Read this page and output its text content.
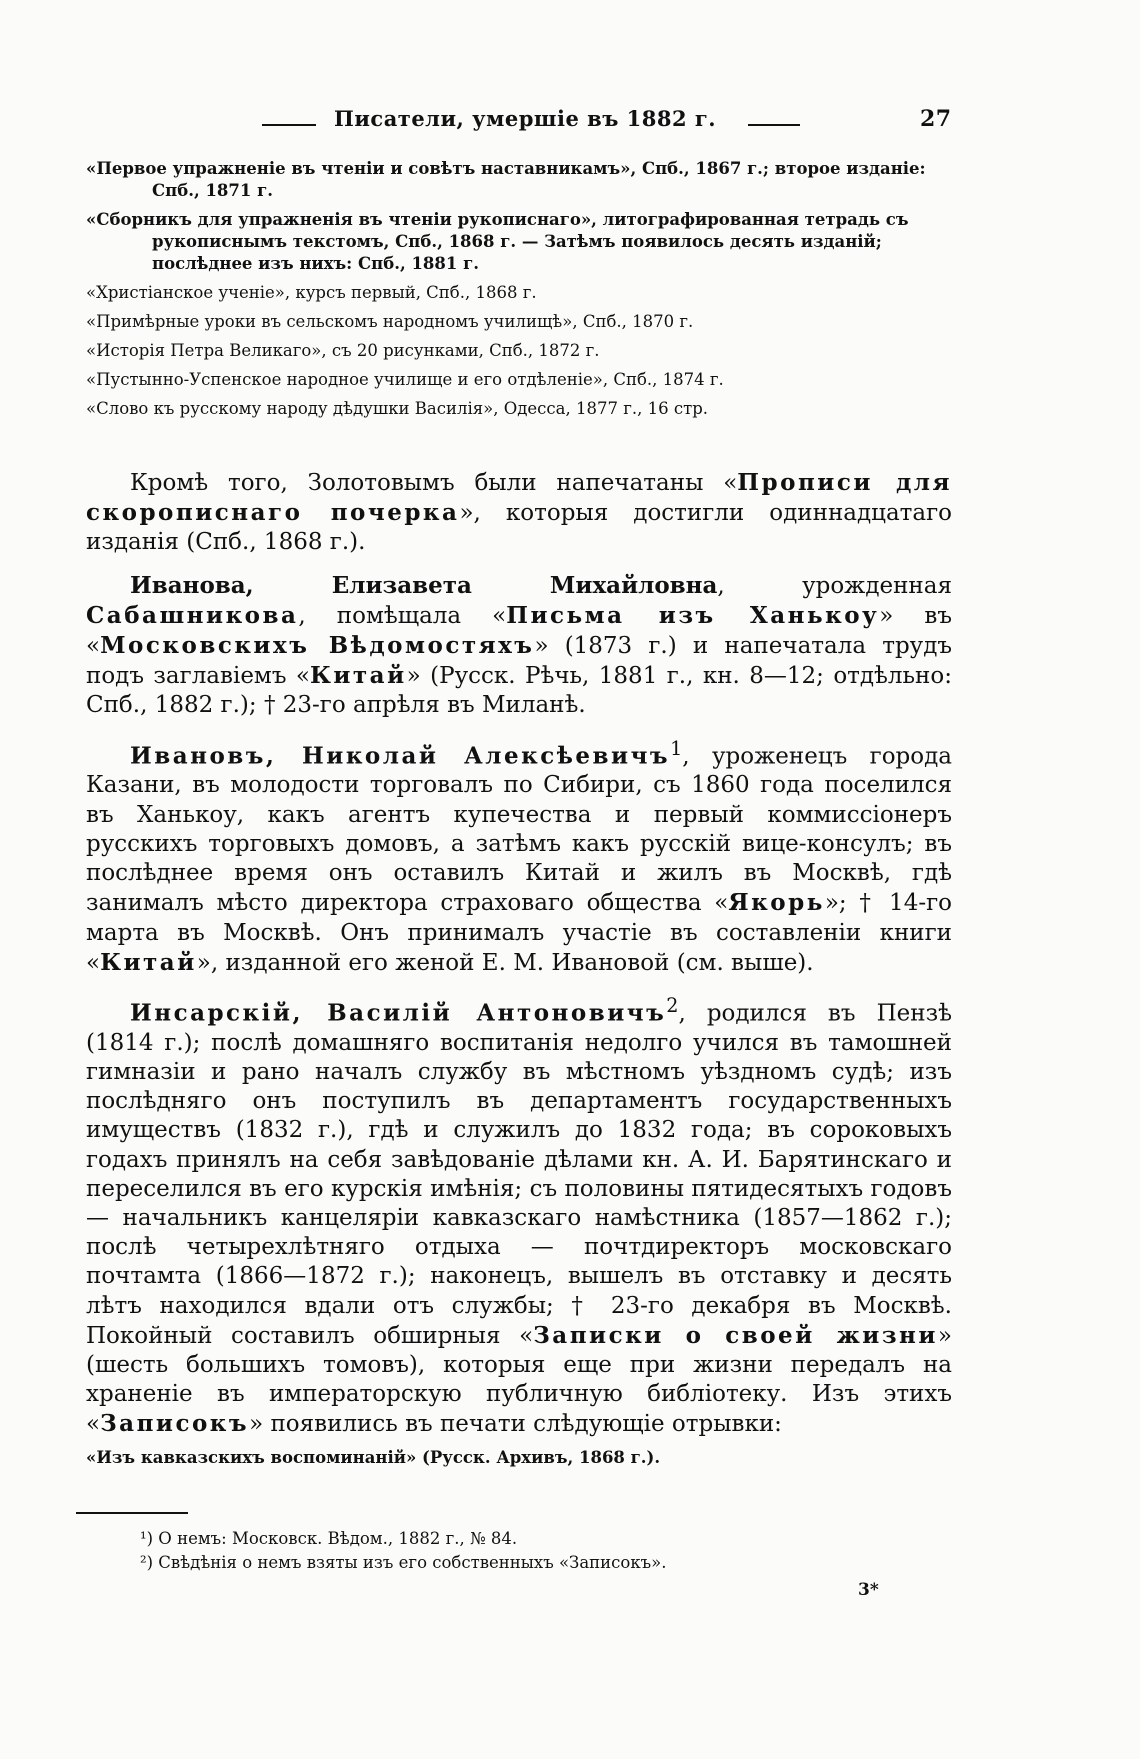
Писатели, умершіе въ 1882 г.	27
«Первое упражненіе въ чтеніи и совѣтъ наставникамъ», Спб., 1867 г.; второе изданіе: Спб., 1871 г.
«Сборникъ для упражненія въ чтеніи рукописнаго», литографированная тетрадь съ рукописнымъ текстомъ, Спб., 1868 г. — Затѣмъ появилось десять изданій; послѣднее изъ нихъ: Спб., 1881 г.
«Христіанское ученіе», курсъ первый, Спб., 1868 г.
«Примѣрные уроки въ сельскомъ народномъ училищѣ», Спб., 1870 г.
«Исторія Петра Великаго», съ 20 рисунками, Спб., 1872 г.
«Пустынно-Успенское народное училище и его отдѣленіе», Спб., 1874 г.
«Слово къ русскому народу дѣдушки Василія», Одесса, 1877 г., 16 стр.

Кромѣ того, Золотовымъ были напечатаны «Прописи для скорописнаго почерка», которыя достигли одиннадцатаго изданія (Спб., 1868 г.).

Иванова, Елизавета Михайловна, урожденная Сабашникова, помѣщала «Письма изъ Ханькоу» въ «Московскихъ Вѣдомостяхъ» (1873 г.) и напечатала трудъ подъ заглавіемъ «Китай» (Русск. Рѣчь, 1881 г., кн. 8—12; отдѣльно: Спб., 1882 г.); † 23-го апрѣля въ Миланѣ.

Ивановъ, Николай Алексѣевичъ$^1$, уроженецъ города Казани, въ молодости торговалъ по Сибири, съ 1860 года поселился въ Ханькоу, какъ агентъ купечества и первый коммиссіонеръ русскихъ торговыхъ домовъ, а затѣмъ какъ русскій вице-консулъ; въ послѣднее время онъ оставилъ Китай и жилъ въ Москвѣ, гдѣ занималъ мѣсто директора страховаго общества «Якорь»; † 14-го марта въ Москвѣ. Онъ принималъ участіе въ составленіи книги «Китай», изданной его женой Е. М. Ивановой (см. выше).

Инсарскій, Василій Антоновичъ$^2$, родился въ Пензѣ (1814 г.); послѣ домашняго воспитанія недолго учился въ тамошней гимназіи и рано началъ службу въ мѣстномъ уѣздномъ судѣ; изъ послѣдняго онъ поступилъ въ департаментъ государственныхъ имуществъ (1832 г.), гдѣ и служилъ до 1832 года; въ сороковыхъ годахъ принялъ на себя завѣдованіе дѣлами кн. А. И. Барятинскаго и переселился въ его курскія имѣнія; съ половины пятидесятыхъ годовъ — начальникъ канцеляріи кавказскаго намѣстника (1857—1862 г.); послѣ четырехлѣтняго отдыха — почтдиректоръ московскаго почтамта (1866—1872 г.); наконецъ, вышелъ въ отставку и десять лѣтъ находился вдали отъ службы; † 23-го декабря въ Москвѣ. Покойный составилъ обширныя «Записки о своей жизни» (шесть большихъ томовъ), которыя еще при жизни передалъ на храненіе въ императорскую публичную библіотеку. Изъ этихъ «Записокъ» появились въ печати слѣдующіе отрывки:

«Изъ кавказскихъ воспоминаній» (Русск. Архивъ, 1868 г.).
¹) О немъ: Московск. Вѣдом., 1882 г., № 84.
²) Свѣдѣнія о немъ взяты изъ его собственныхъ «Записокъ».
3*
